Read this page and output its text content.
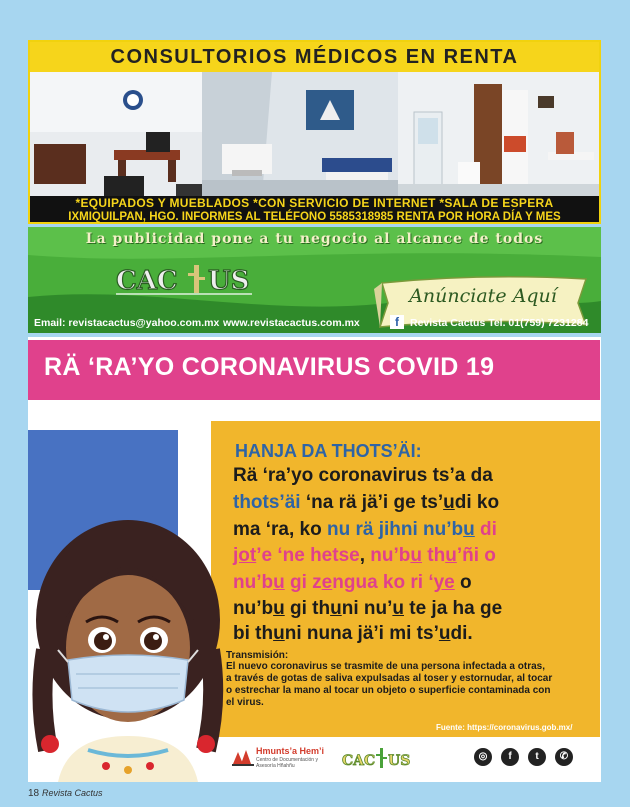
CONSULTORIOS MÉDICOS EN RENTA
*EQUIPADOS Y MUEBLADOS *CON SERVICIO DE INTERNET *SALA DE ESPERA
IXMIQUILPAN, HGO. INFORMES AL TELÉFONO 5585318985 RENTA POR HORA DÍA Y MES
La publicidad pone a tu negocio al alcance de todos
CAC US	Anúnciate Aquí
Email: revistacactus@yahoo.com.mx www.revistacactus.com.mx	f	Revista Cactus Tel. 01(759) 7231284
RÄ ‘RA’YO CORONAVIRUS COVID 19
HANJA DA THOTS’ÄI:
Rä ‘ra’yo coronavirus ts’a da
thots’äi ‘na rä jä’i ge ts’udi ko
ma ‘ra, ko nu rä jihni nu’bu di
jot’e ‘ne hetse, nu’bu thu’ñi o
nu’bu gi zengua ko ri ‘ye o
nu’bu gi thuni nu’u te ja ha ge
bi thuni nuna jä’i mi ts’udi.
Transmisión:
El nuevo coronavirus se trasmite de una persona infectada a otras,
a través de gotas de saliva expulsadas al toser y estornudar, al tocar
o estrechar la mano al tocar un objeto o superficie contaminada con
el virus.
Fuente: https://coronavirus.gob.mx/
Hmunts’a Hem’i
Centro de Documentación y Asesoría Hñahñu	CAC US	◎	f	t	✆
18 Revista Cactus
